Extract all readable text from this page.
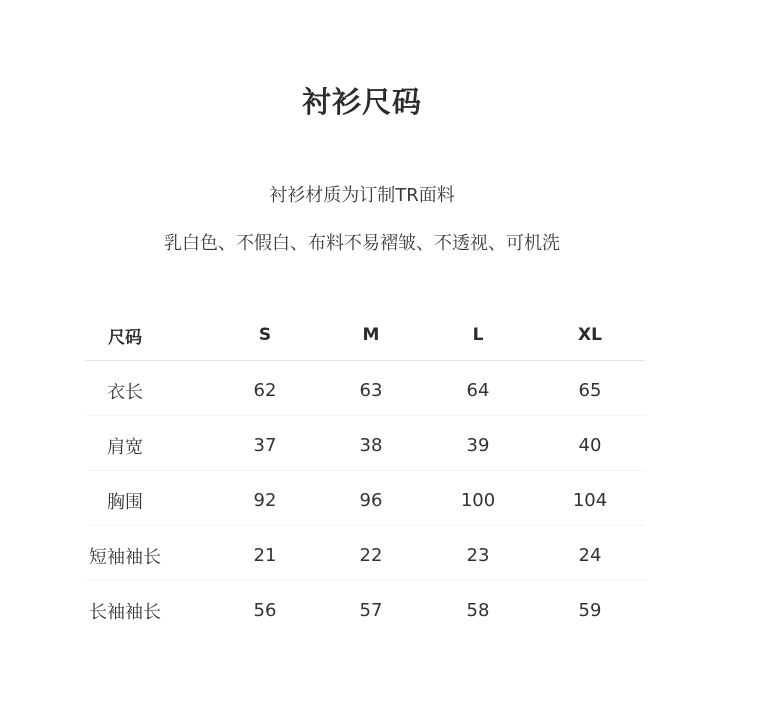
衬衫尺码
衬衫材质为订制TR面料
乳白色、不假白、布料不易褶皱、不透视、可机洗
尺码	S	M	L	XL
衣长	62	63	64	65
肩宽	37	38	39	40
胸围	92	96	100	104
短袖袖长	21	22	23	24
长袖袖长	56	57	58	59
